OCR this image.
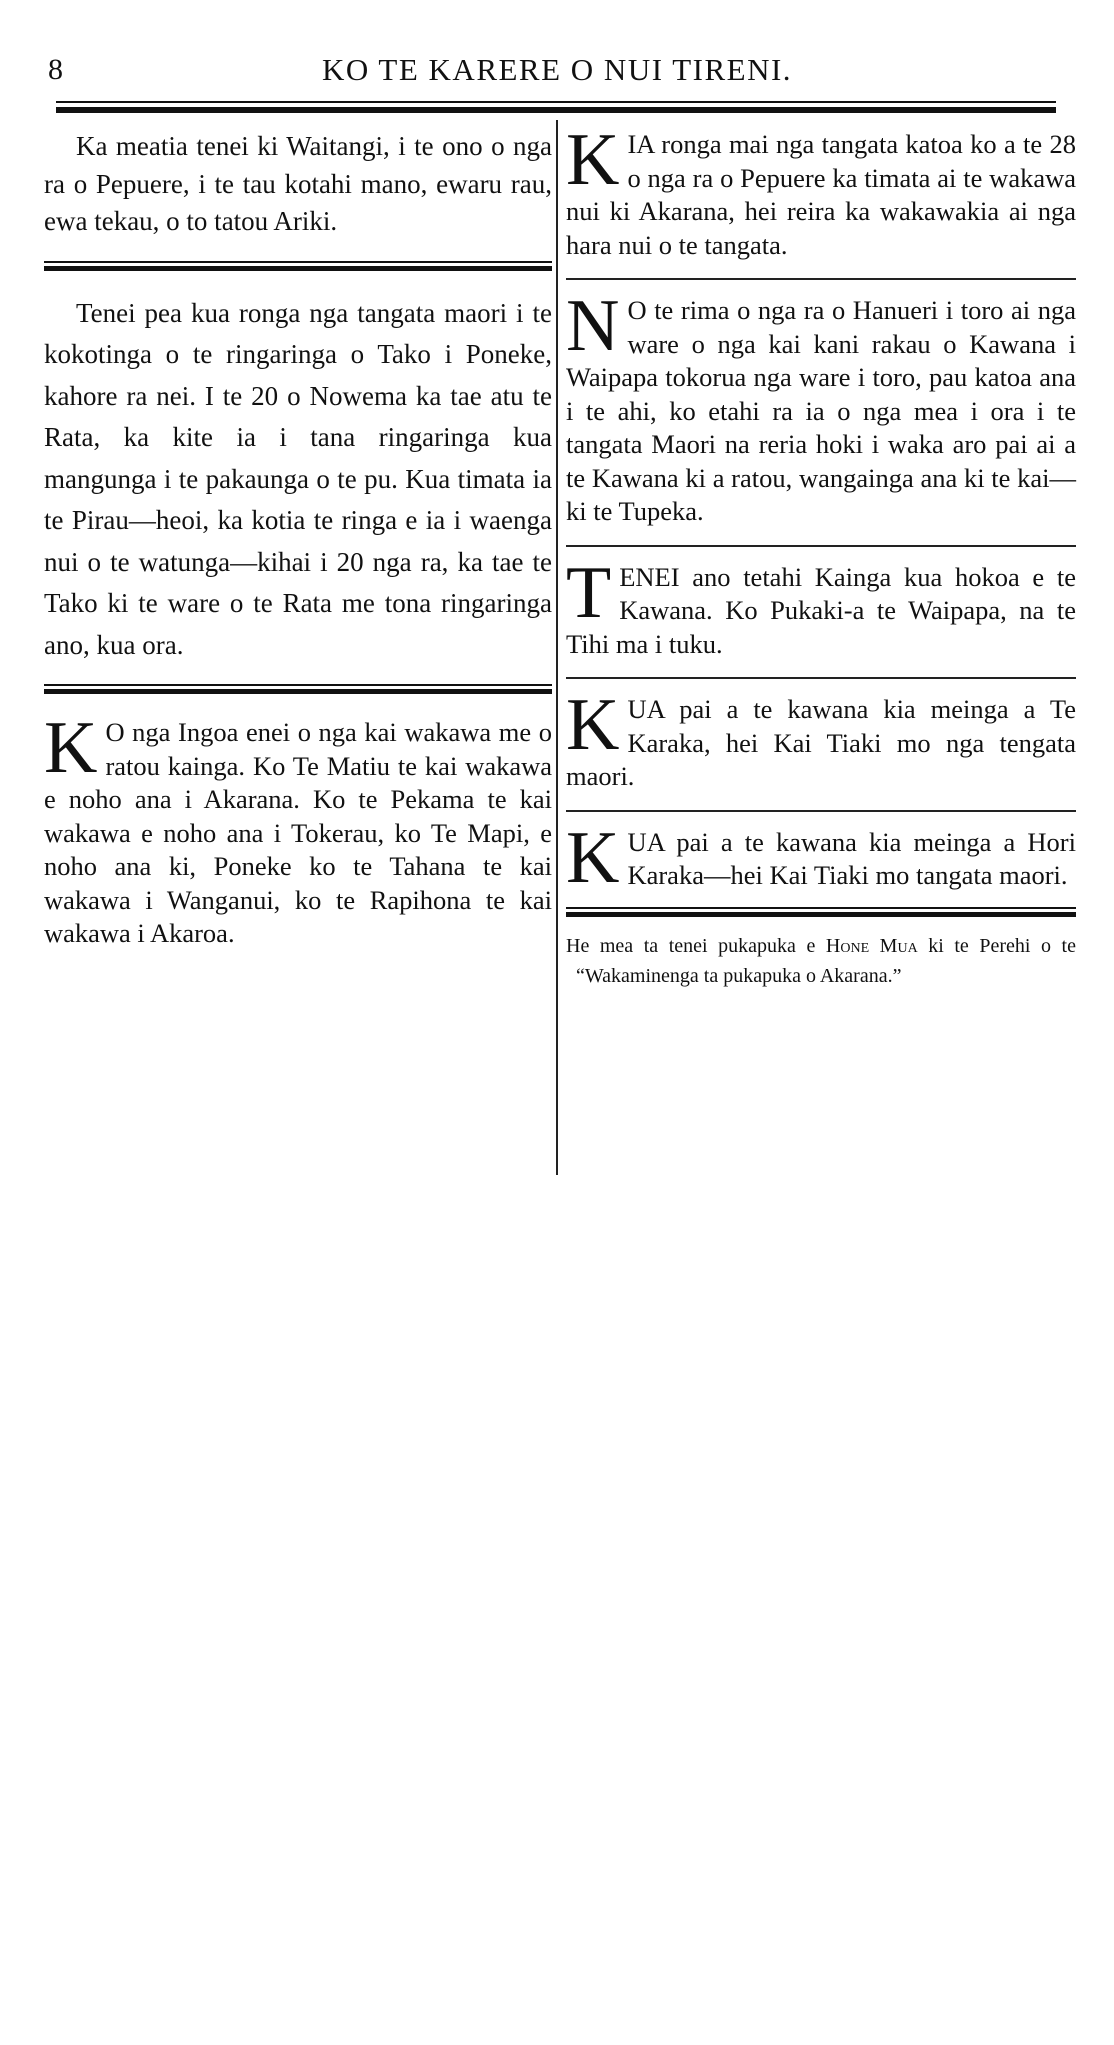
8	KO TE KARERE O NUI TIRENI.

Ka meatia tenei ki Waitangi, i te ono o nga ra o Pepuere, i te tau kotahi mano, ewaru rau, ewa tekau, o to tatou Ariki.

Tenei pea kua ronga nga tangata maori i te kokotinga o te ringaringa o Tako i Poneke, kahore ra nei. I te 20 o Nowema ka tae atu te Rata, ka kite ia i tana ringaringa kua mangunga i te pakaunga o te pu. Kua timata ia te Pirau—heoi, ka kotia te ringa e ia i waenga nui o te watunga—kihai i 20 nga ra, ka tae te Tako ki te ware o te Rata me tona ringaringa ano, kua ora.

K O nga Ingoa enei o nga kai wakawa me o ratou kainga. Ko Te Matiu te kai wakawa e noho ana i Akarana. Ko te Pekama te kai wakawa e noho ana i Tokerau, ko Te Mapi, e noho ana ki, Poneke ko te Tahana te kai wakawa i Wanganui, ko te Rapihona te kai wakawa i Akaroa.

KIA ronga mai nga tangata katoa ko a te 28 o nga ra o Pepuere ka timata ai te wakawa nui ki Akarana, hei reira ka wakawakia ai nga hara nui o te tangata.

N O te rima o nga ra o Hanueri i toro ai nga ware o nga kai kani rakau o Kawana i Waipapa tokorua nga ware i toro, pau katoa ana i te ahi, ko etahi ra ia o nga mea i ora i te tangata Maori na reria hoki i waka aro pai ai a te Kawana ki a ratou, wangainga ana ki te kai—ki te Tupeka.

TENEI ano tetahi Kainga kua hokoa e te Kawana. Ko Pukaki-a te Waipapa, na te Tihi ma i tuku.

KUA pai a te kawana kia meinga a Te Karaka, hei Kai Tiaki mo nga tengata maori.

KUA pai a te kawana kia meinga a Hori Karaka—hei Kai Tiaki mo tangata maori.

He mea ta tenei pukapuka e Hone Mua ki te Perehi o te “Wakaminenga ta pukapuka o Akarana.”
